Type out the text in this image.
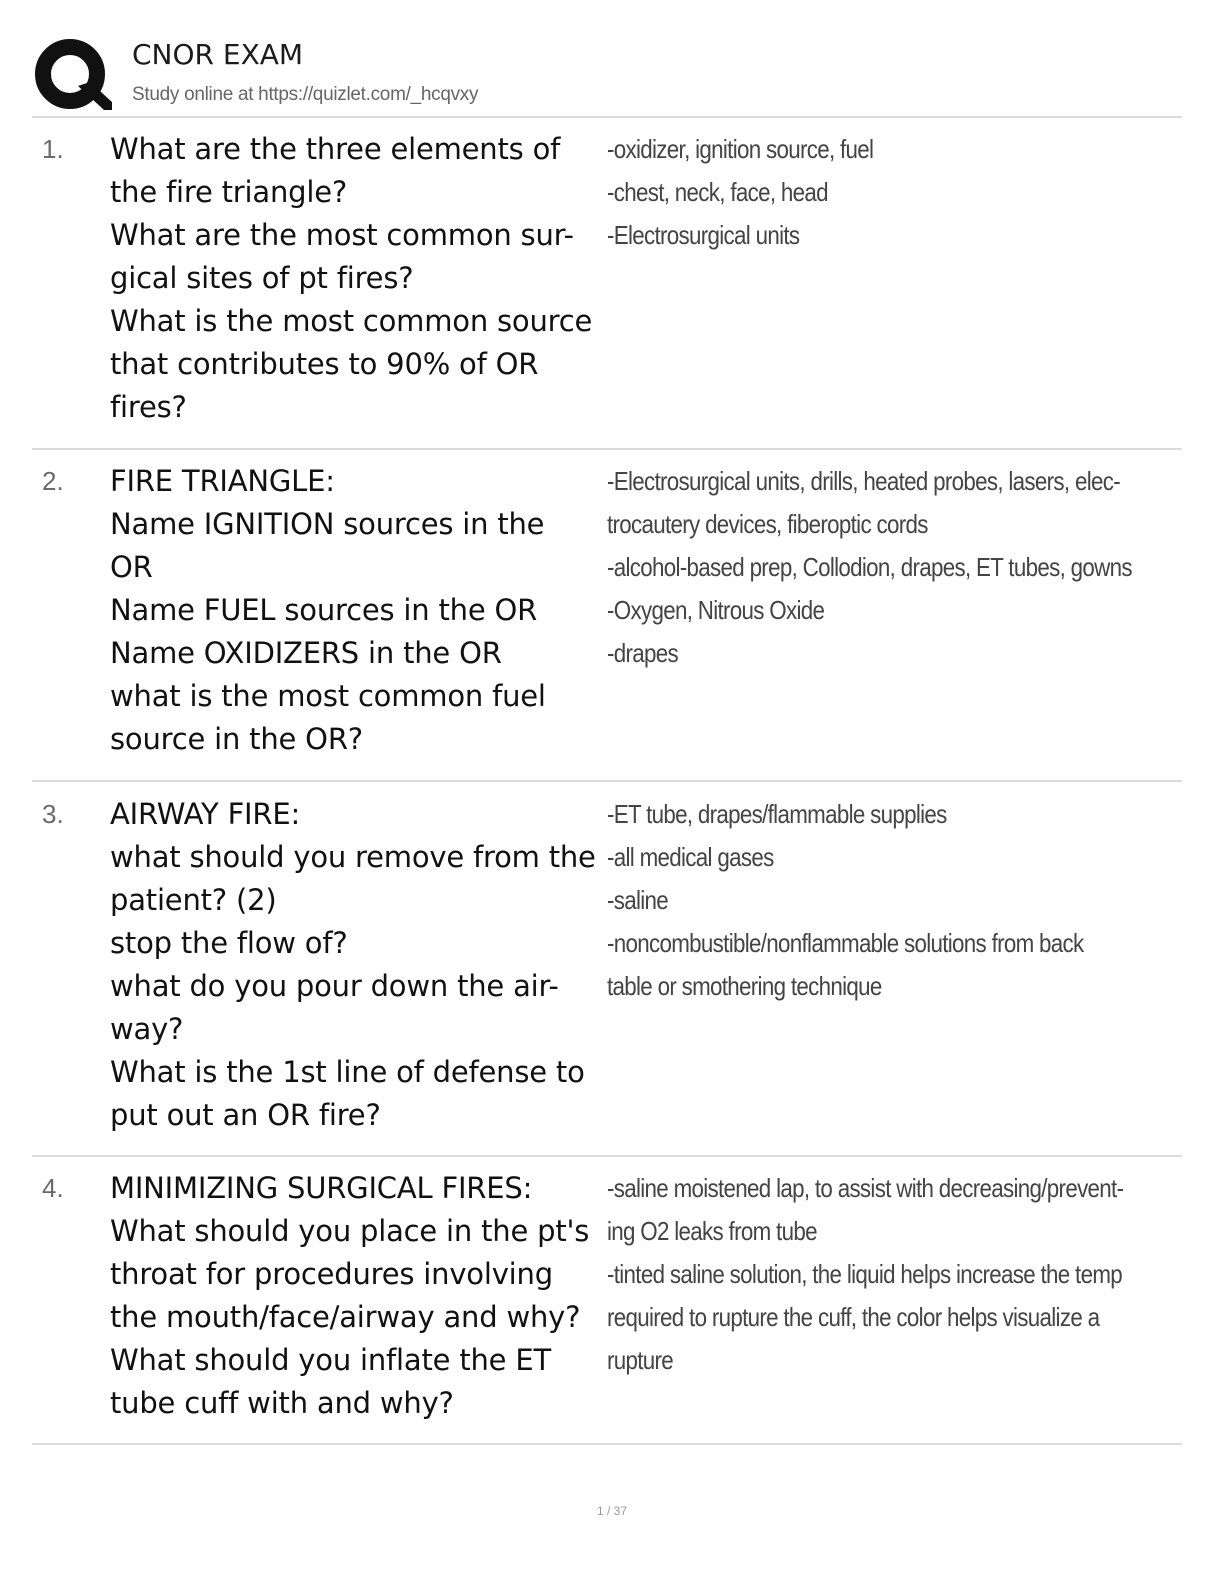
CNOR EXAM
Study online at https://quizlet.com/_hcqvxy
1. What are the three elements of
the fire triangle?
What are the most common sur-
gical sites of pt fires?
What is the most common source
that contributes to 90% of OR
fires?
-oxidizer, ignition source, fuel
-chest, neck, face, head
-Electrosurgical units
2. FIRE TRIANGLE:
Name IGNITION sources in the
OR
Name FUEL sources in the OR
Name OXIDIZERS in the OR
what is the most common fuel
source in the OR?
-Electrosurgical units, drills, heated probes, lasers, elec-
trocautery devices, fiberoptic cords
-alcohol-based prep, Collodion, drapes, ET tubes, gowns
-Oxygen, Nitrous Oxide
-drapes
3. AIRWAY FIRE:
what should you remove from the
patient? (2)
stop the flow of?
what do you pour down the air-
way?
What is the 1st line of defense to
put out an OR fire?
-ET tube, drapes/flammable supplies
-all medical gases
-saline
-noncombustible/nonflammable solutions from back
table or smothering technique
4. MINIMIZING SURGICAL FIRES:
What should you place in the pt's
throat for procedures involving
the mouth/face/airway and why?
What should you inflate the ET
tube cuff with and why?
-saline moistened lap, to assist with decreasing/prevent-
ing O2 leaks from tube
-tinted saline solution, the liquid helps increase the temp
required to rupture the cuff, the color helps visualize a
rupture
1 / 37
